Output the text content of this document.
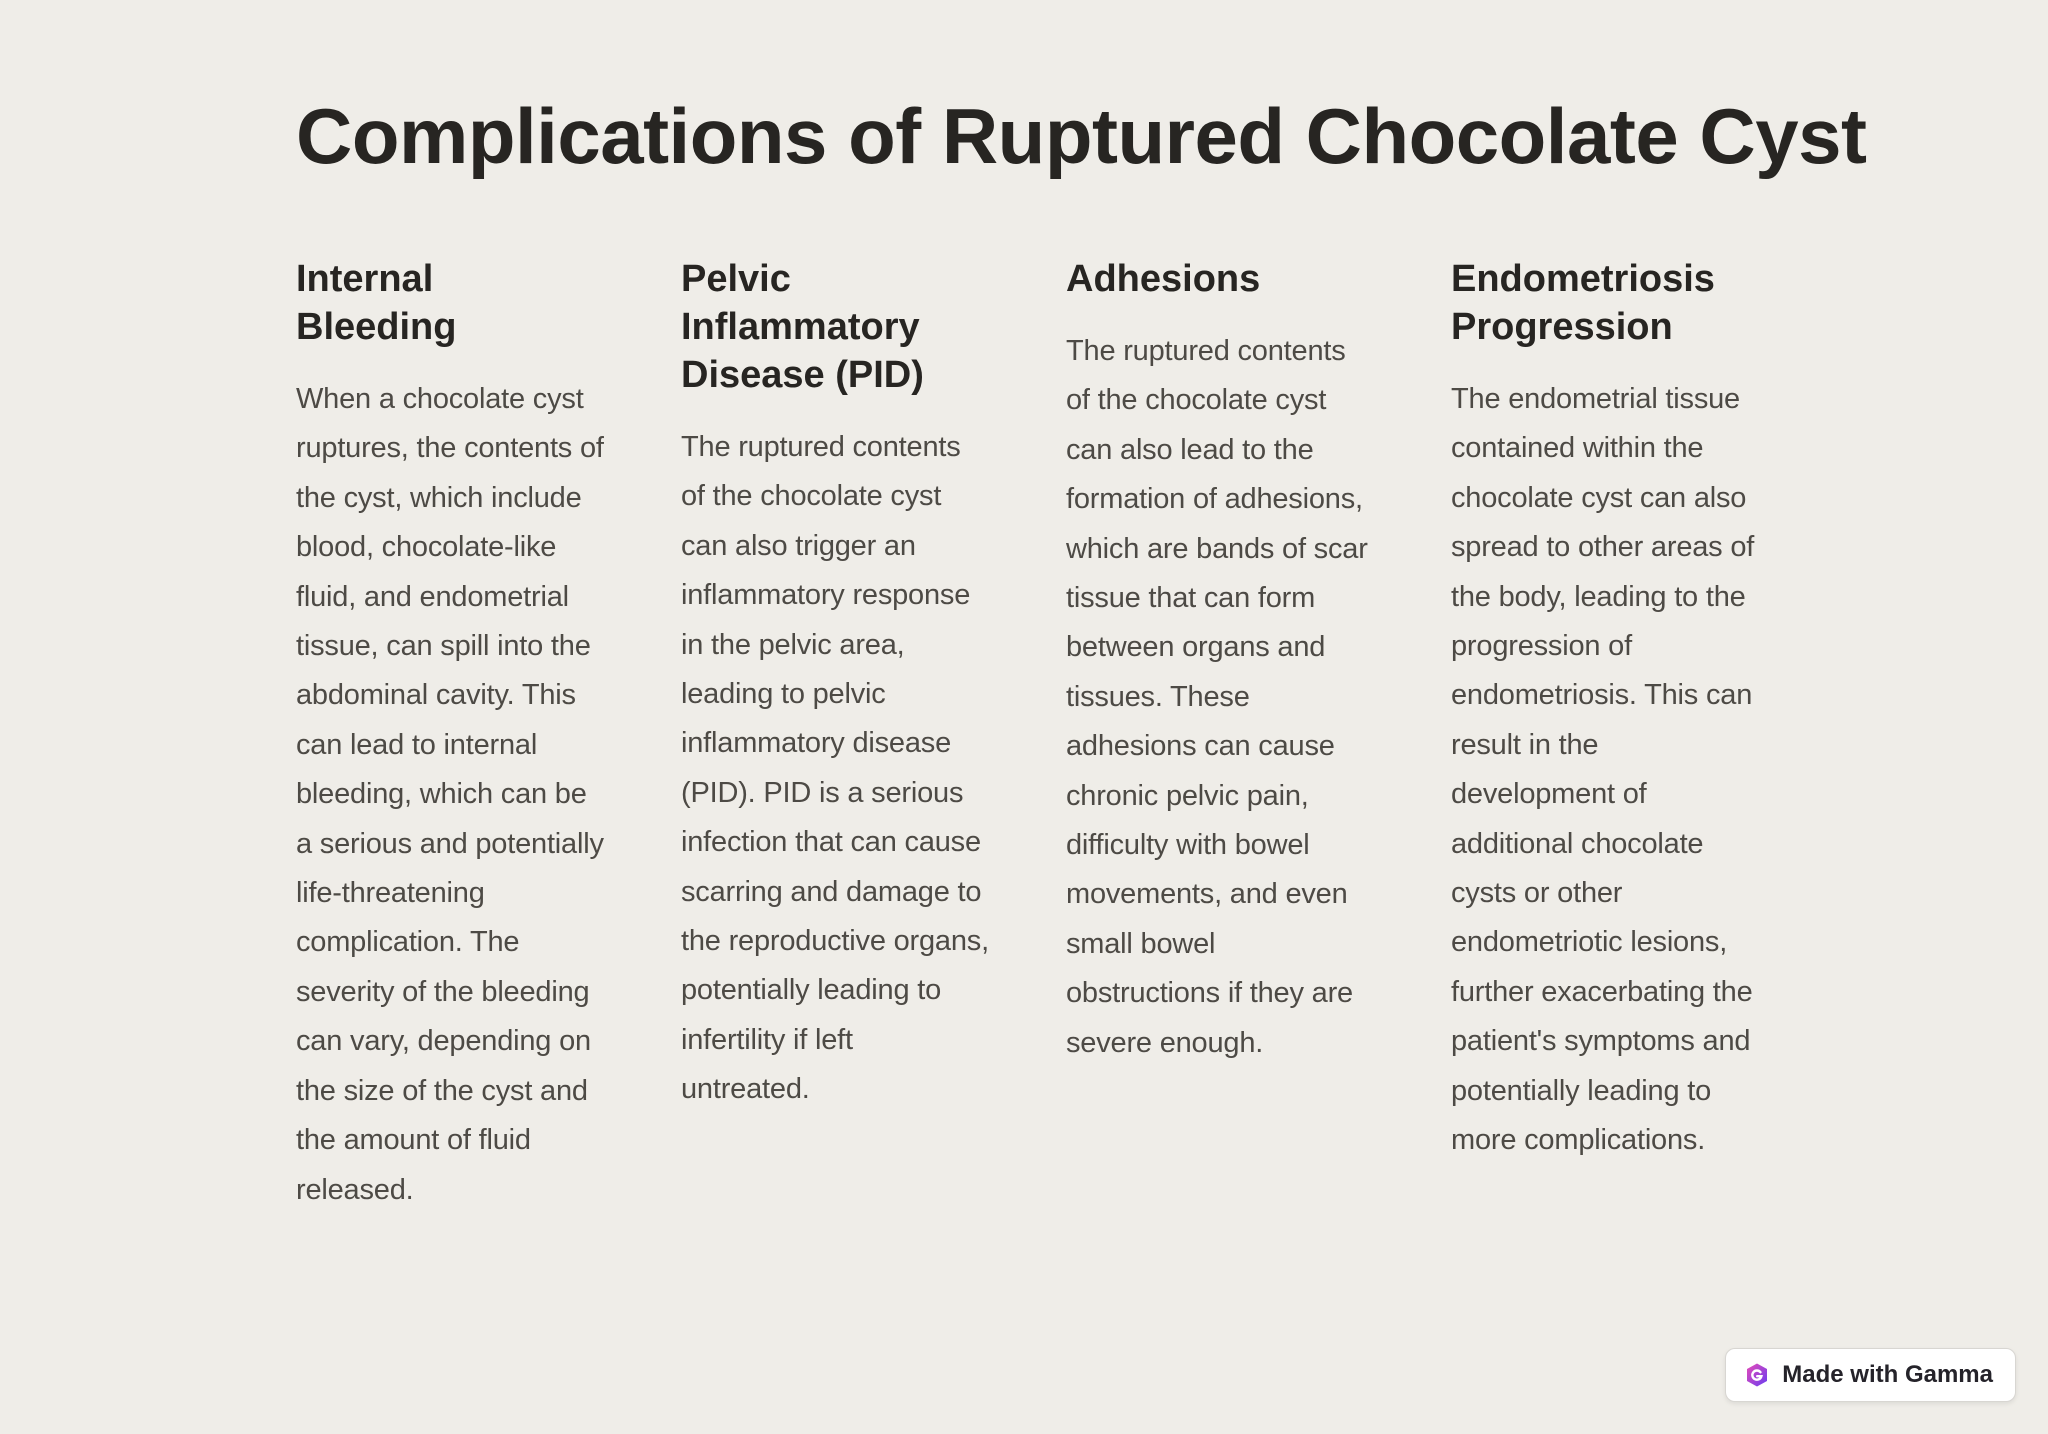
Complications of Ruptured Chocolate Cyst
Internal Bleeding

When a chocolate cyst ruptures, the contents of the cyst, which include blood, chocolate-like fluid, and endometrial tissue, can spill into the abdominal cavity. This can lead to internal bleeding, which can be a serious and potentially life-threatening complication. The severity of the bleeding can vary, depending on the size of the cyst and the amount of fluid released.

Pelvic Inflammatory Disease (PID)

The ruptured contents of the chocolate cyst can also trigger an inflammatory response in the pelvic area, leading to pelvic inflammatory disease (PID). PID is a serious infection that can cause scarring and damage to the reproductive organs, potentially leading to infertility if left untreated.

Adhesions

The ruptured contents of the chocolate cyst can also lead to the formation of adhesions, which are bands of scar tissue that can form between organs and tissues. These adhesions can cause chronic pelvic pain, difficulty with bowel movements, and even small bowel obstructions if they are severe enough.

Endometriosis Progression

The endometrial tissue contained within the chocolate cyst can also spread to other areas of the body, leading to the progression of endometriosis. This can result in the development of additional chocolate cysts or other endometriotic lesions, further exacerbating the patient's symptoms and potentially leading to more complications.

Made with Gamma
